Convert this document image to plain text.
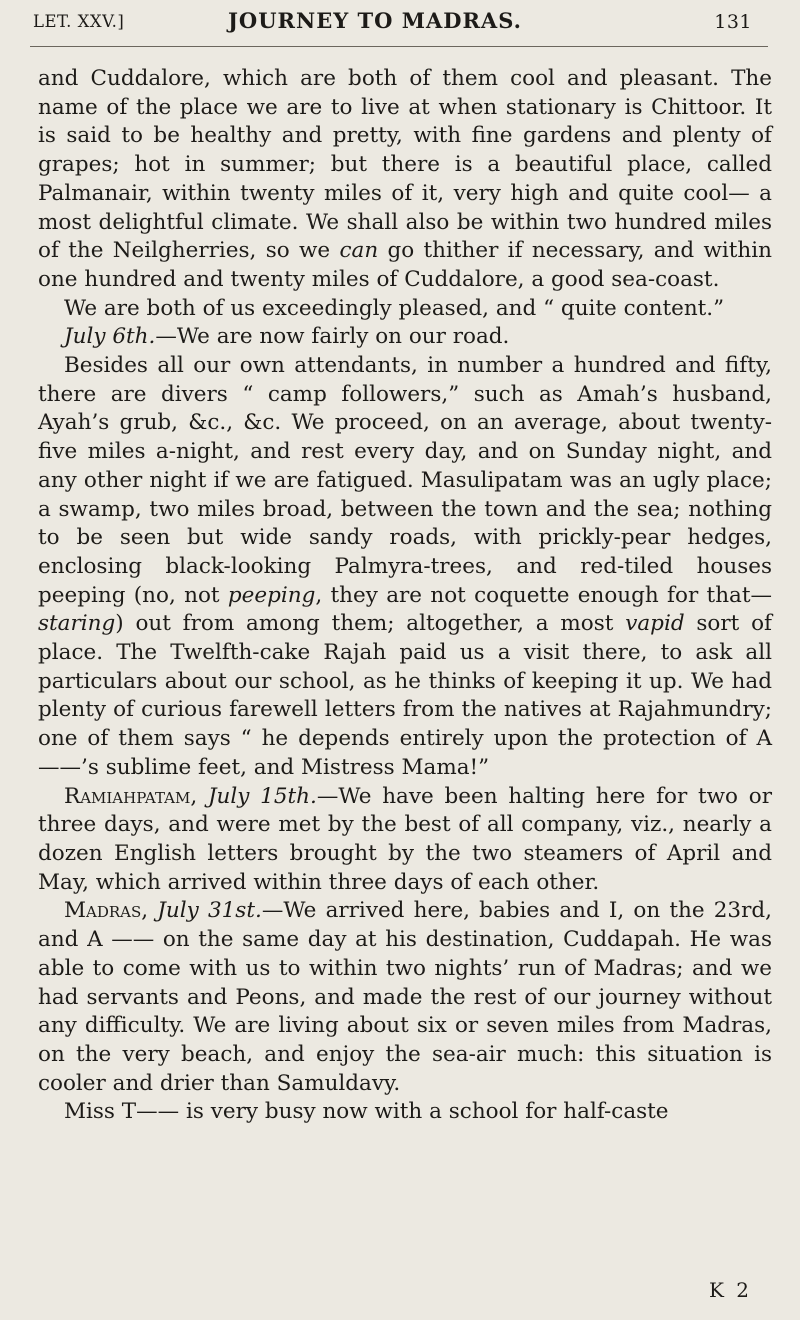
LET. XXV.]	JOURNEY TO MADRAS.	131

and Cuddalore, which are both of them cool and pleasant. The name of the place we are to live at when stationary is Chittoor. It is said to be healthy and pretty, with fine gardens and plenty of grapes; hot in summer; but there is a beautiful place, called Palmanair, within twenty miles of it, very high and quite cool— a most delightful climate. We shall also be within two hundred miles of the Neilgherries, so we can go thither if necessary, and within one hundred and twenty miles of Cuddalore, a good sea-coast.

We are both of us exceedingly pleased, and “ quite content.”

July 6th.—We are now fairly on our road.

Besides all our own attendants, in number a hundred and fifty, there are divers “ camp followers,” such as Amah’s husband, Ayah’s grub, &c., &c. We proceed, on an average, about twenty-five miles a-night, and rest every day, and on Sunday night, and any other night if we are fatigued. Masulipatam was an ugly place; a swamp, two miles broad, between the town and the sea; nothing to be seen but wide sandy roads, with prickly-pear hedges, enclosing black-looking Palmyra-trees, and red-tiled houses peeping (no, not peeping, they are not coquette enough for that—staring) out from among them; altogether, a most vapid sort of place. The Twelfth-cake Rajah paid us a visit there, to ask all particulars about our school, as he thinks of keeping it up. We had plenty of curious farewell letters from the natives at Rajahmundry; one of them says “ he depends entirely upon the protection of A——’s sublime feet, and Mistress Mama!”

Ramiahpatam, July 15th.—We have been halting here for two or three days, and were met by the best of all company, viz., nearly a dozen English letters brought by the two steamers of April and May, which arrived within three days of each other.

Madras, July 31st.—We arrived here, babies and I, on the 23rd, and A —— on the same day at his destination, Cuddapah. He was able to come with us to within two nights’ run of Madras; and we had servants and Peons, and made the rest of our journey without any difficulty. We are living about six or seven miles from Madras, on the very beach, and enjoy the sea-air much: this situation is cooler and drier than Samuldavy.

Miss T—— is very busy now with a school for half-caste

K 2
